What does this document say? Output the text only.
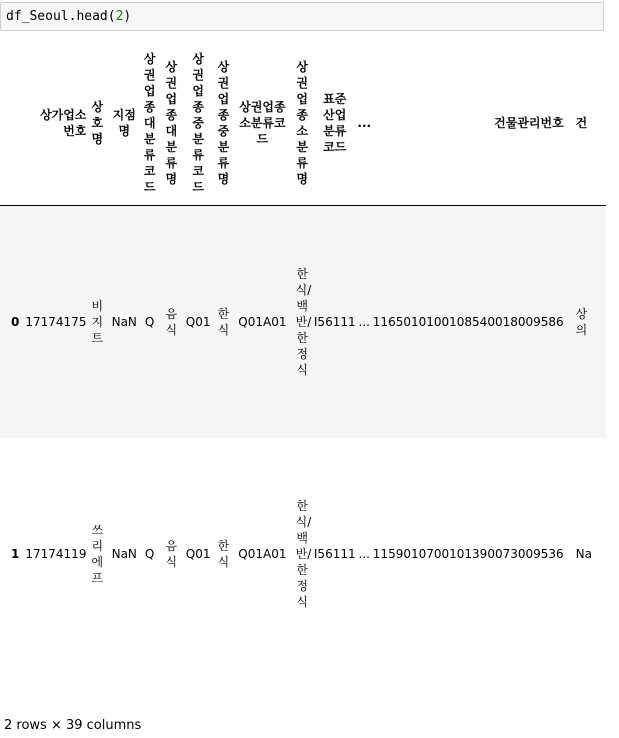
df_Seoul.head(2)
	상가업소번호	상호명	지점명	상권업종대분류코드	상권업종대분류명	상권업종중분류코드	상권업종중분류명	상권업종소분류코드	상권업종소분류명	표준산업분류코드	...	건물관리번호	건
0	17174175	비지트	NaN	Q	음식	Q01	한식	Q01A01	한식/백반/한정식	I56111	...	1165010100108540018009586	상의
1	17174119	쓰리에프	NaN	Q	음식	Q01	한식	Q01A01	한식/백반/한정식	I56111	...	1159010700101390073009536	Na
2 rows × 39 columns
